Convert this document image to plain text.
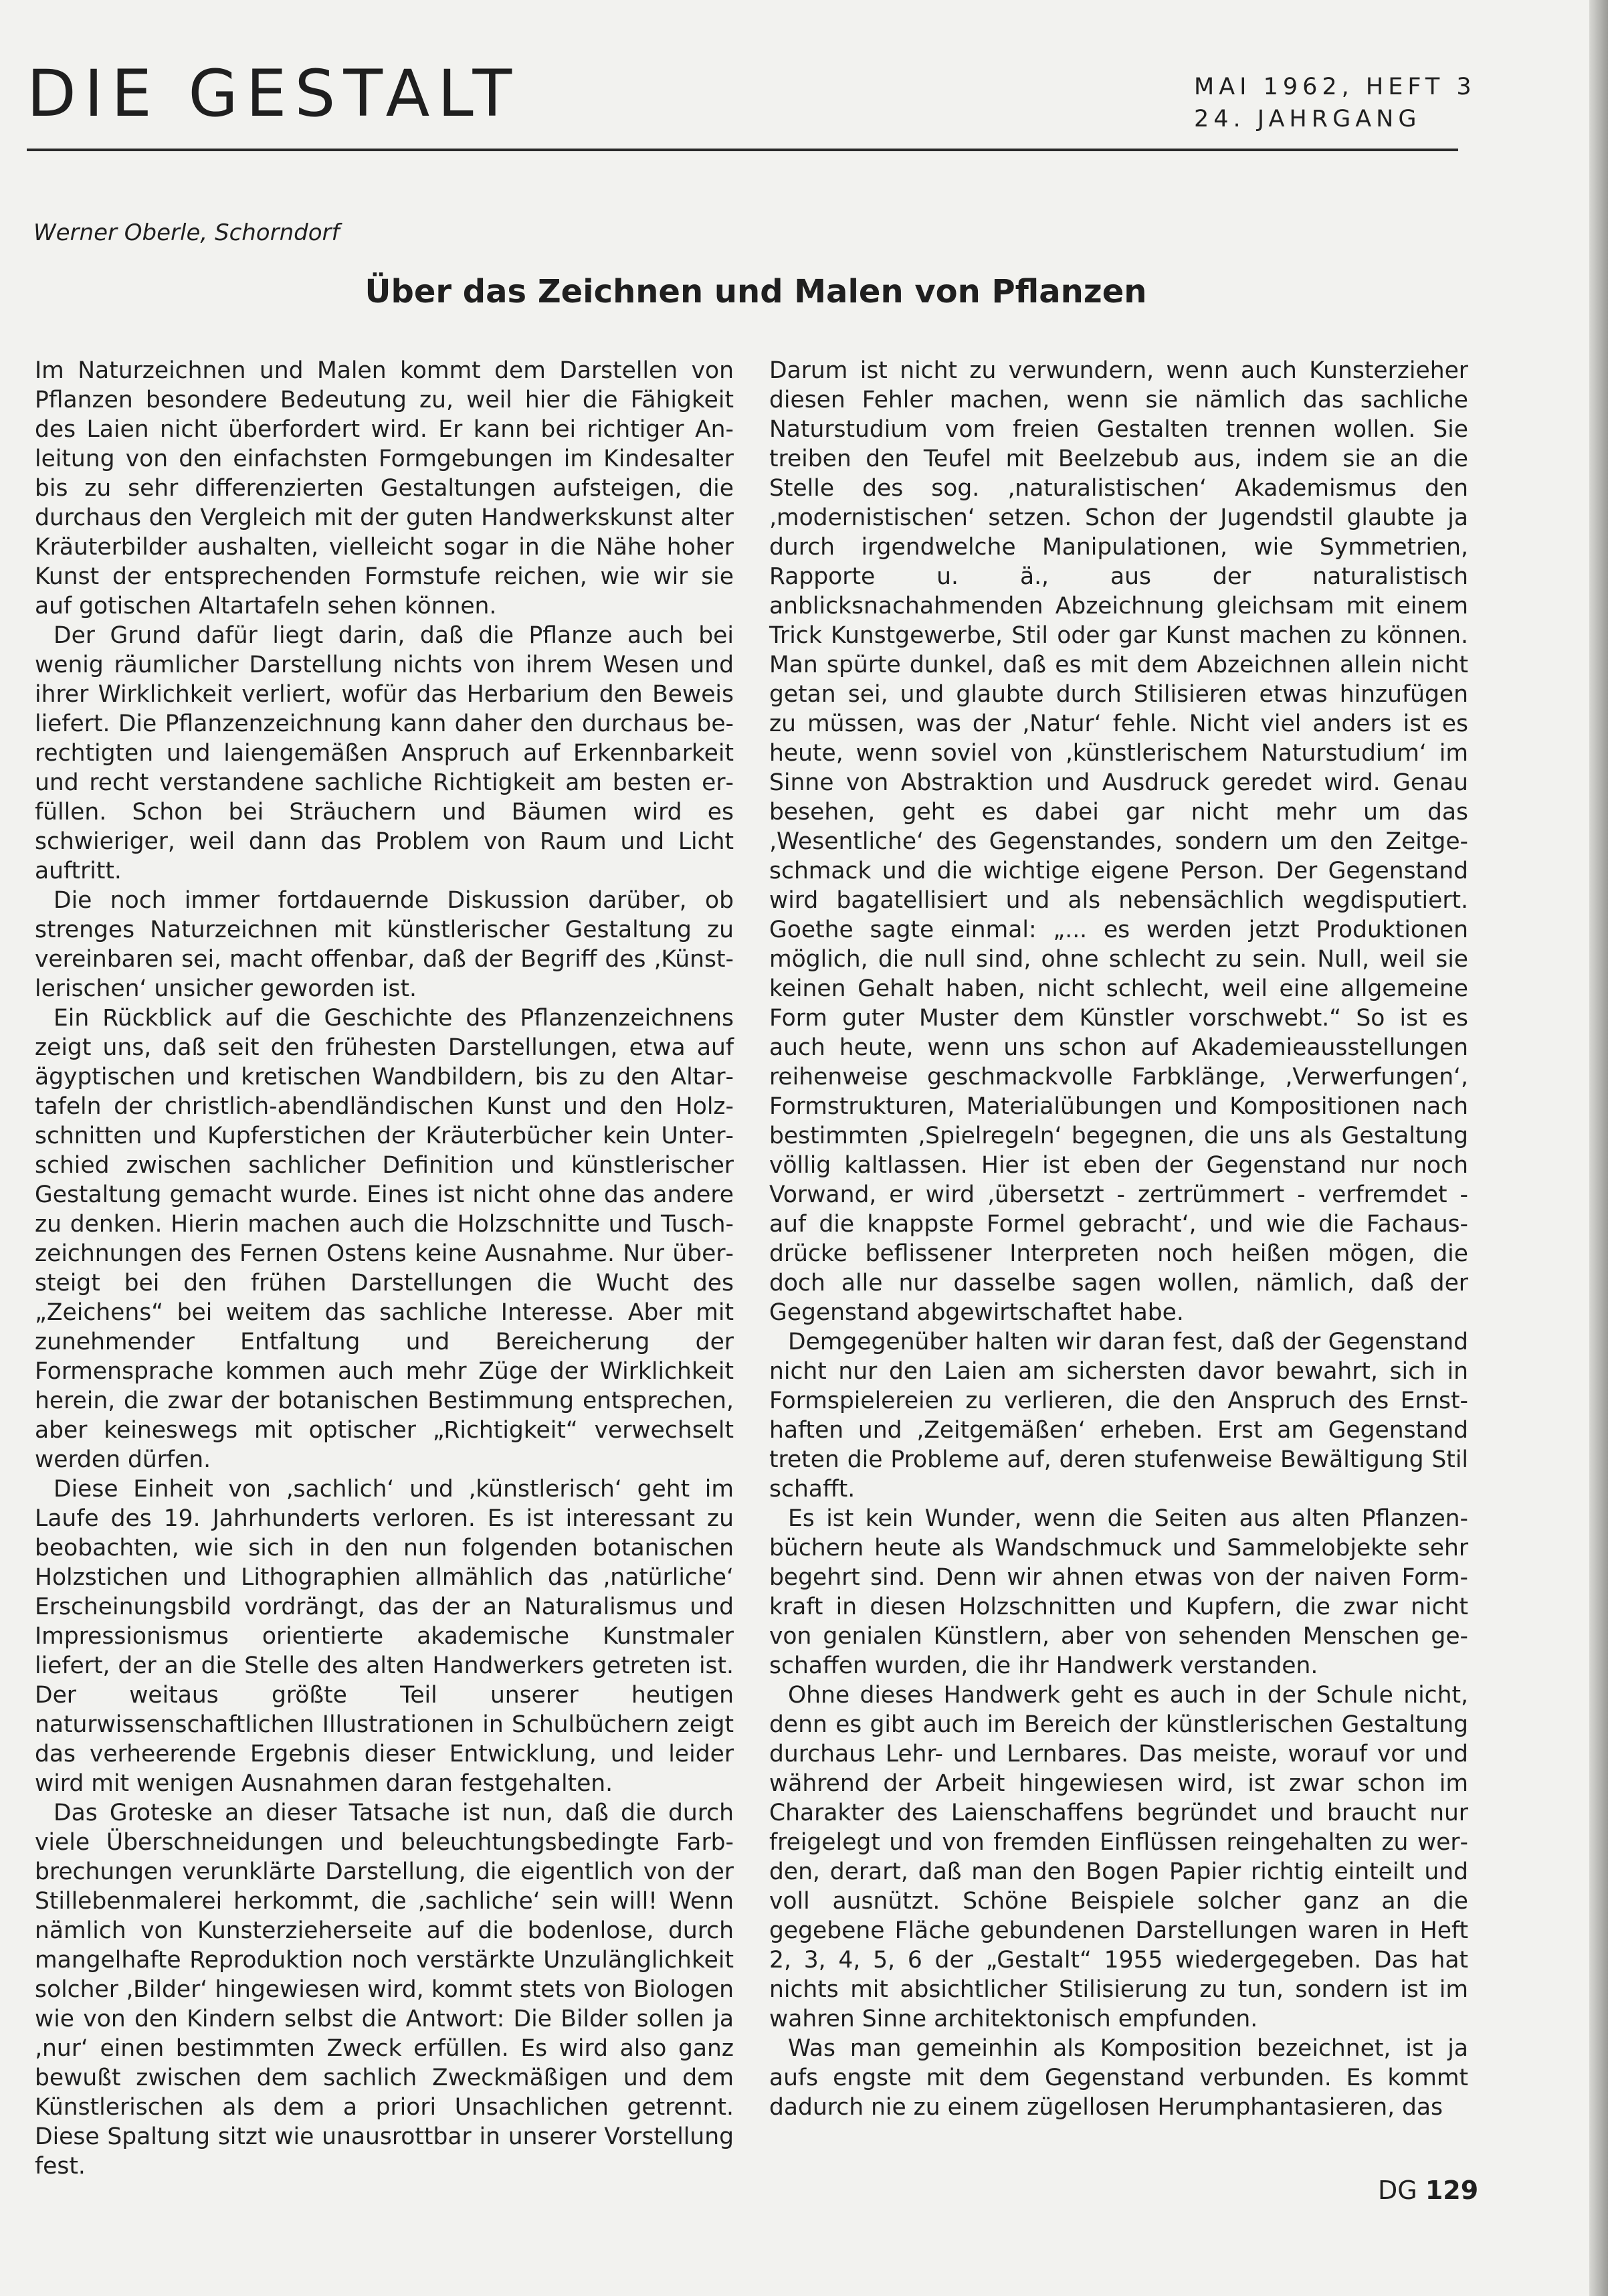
DIE GESTALT	MAI 1962, HEFT 3
24. JAHRGANG

Werner Oberle, Schorndorf

Über das Zeichnen und Malen von Pflanzen

Im Naturzeichnen und Malen kommt dem Darstellen von Pflanzen besondere Bedeutung zu, weil hier die Fähigkeit des Laien nicht überfordert wird. Er kann bei richtiger Anleitung von den einfachsten Formgebungen im Kindesalter bis zu sehr differenzierten Gestaltungen aufsteigen, die durchaus den Vergleich mit der guten Handwerkskunst alter Kräuterbilder aushalten, vielleicht sogar in die Nähe hoher Kunst der entsprechenden Formstufe reichen, wie wir sie auf gotischen Altartafeln sehen können.

Der Grund dafür liegt darin, daß die Pflanze auch bei wenig räumlicher Darstellung nichts von ihrem Wesen und ihrer Wirklichkeit verliert, wofür das Herbarium den Beweis liefert. Die Pflanzenzeichnung kann daher den durchaus berechtigten und laiengemäßen Anspruch auf Erkennbarkeit und recht verstandene sachliche Richtigkeit am besten erfüllen. Schon bei Sträuchern und Bäumen wird es schwieriger, weil dann das Problem von Raum und Licht auftritt.

Die noch immer fortdauernde Diskussion darüber, ob strenges Naturzeichnen mit künstlerischer Gestaltung zu vereinbaren sei, macht offenbar, daß der Begriff des ‚Künstlerischen‘ unsicher geworden ist.

Ein Rückblick auf die Geschichte des Pflanzenzeichnens zeigt uns, daß seit den frühesten Darstellungen, etwa auf ägyptischen und kretischen Wandbildern, bis zu den Altartafeln der christlich-abendländischen Kunst und den Holzschnitten und Kupferstichen der Kräuterbücher kein Unterschied zwischen sachlicher Definition und künstlerischer Gestaltung gemacht wurde. Eines ist nicht ohne das andere zu denken. Hierin machen auch die Holzschnitte und Tuschzeichnungen des Fernen Ostens keine Ausnahme. Nur übersteigt bei den frühen Darstellungen die Wucht des „Zeichens“ bei weitem das sachliche Interesse. Aber mit zunehmender Entfaltung und Bereicherung der Formensprache kommen auch mehr Züge der Wirklichkeit herein, die zwar der botanischen Bestimmung entsprechen, aber keineswegs mit optischer „Richtigkeit“ verwechselt werden dürfen.

Diese Einheit von ‚sachlich‘ und ‚künstlerisch‘ geht im Laufe des 19. Jahrhunderts verloren. Es ist interessant zu beobachten, wie sich in den nun folgenden botanischen Holzstichen und Lithographien allmählich das ‚natürliche‘ Erscheinungsbild vordrängt, das der an Naturalismus und Impressionismus orientierte akademische Kunstmaler liefert, der an die Stelle des alten Handwerkers getreten ist. Der weitaus größte Teil unserer heutigen naturwissenschaftlichen Illustrationen in Schulbüchern zeigt das verheerende Ergebnis dieser Entwicklung, und leider wird mit wenigen Ausnahmen daran festgehalten.

Das Groteske an dieser Tatsache ist nun, daß die durch viele Überschneidungen und beleuchtungsbedingte Farbbrechungen verunklärte Darstellung, die eigentlich von der Stillebenmalerei herkommt, die ‚sachliche‘ sein will! Wenn nämlich von Kunsterzieherseite auf die bodenlose, durch mangelhafte Reproduktion noch verstärkte Unzulänglichkeit solcher ‚Bilder‘ hingewiesen wird, kommt stets von Biologen wie von den Kindern selbst die Antwort: Die Bilder sollen ja ‚nur‘ einen bestimmten Zweck erfüllen. Es wird also ganz bewußt zwischen dem sachlich Zweckmäßigen und dem Künstlerischen als dem a priori Unsachlichen getrennt. Diese Spaltung sitzt wie unausrottbar in unserer Vorstellung fest.

Darum ist nicht zu verwundern, wenn auch Kunsterzieher diesen Fehler machen, wenn sie nämlich das sachliche Naturstudium vom freien Gestalten trennen wollen. Sie treiben den Teufel mit Beelzebub aus, indem sie an die Stelle des sog. ‚naturalistischen‘ Akademismus den ‚modernistischen‘ setzen. Schon der Jugendstil glaubte ja durch irgendwelche Manipulationen, wie Symmetrien, Rapporte u. ä., aus der naturalistisch anblicksnachahmenden Abzeichnung gleichsam mit einem Trick Kunstgewerbe, Stil oder gar Kunst machen zu können. Man spürte dunkel, daß es mit dem Abzeichnen allein nicht getan sei, und glaubte durch Stilisieren etwas hinzufügen zu müssen, was der ‚Natur‘ fehle. Nicht viel anders ist es heute, wenn soviel von ‚künstlerischem Naturstudium‘ im Sinne von Abstraktion und Ausdruck geredet wird. Genau besehen, geht es dabei gar nicht mehr um das ‚Wesentliche‘ des Gegenstandes, sondern um den Zeitgeschmack und die wichtige eigene Person. Der Gegenstand wird bagatellisiert und als nebensächlich wegdisputiert. Goethe sagte einmal: „... es werden jetzt Produktionen möglich, die null sind, ohne schlecht zu sein. Null, weil sie keinen Gehalt haben, nicht schlecht, weil eine allgemeine Form guter Muster dem Künstler vorschwebt.“ So ist es auch heute, wenn uns schon auf Akademieausstellungen reihenweise geschmackvolle Farbklänge, ‚Verwerfungen‘, Formstrukturen, Materialübungen und Kompositionen nach bestimmten ‚Spielregeln‘ begegnen, die uns als Gestaltung völlig kaltlassen. Hier ist eben der Gegenstand nur noch Vorwand, er wird ‚übersetzt - zertrümmert - verfremdet - auf die knappste Formel gebracht‘, und wie die Fachausdrücke beflissener Interpreten noch heißen mögen, die doch alle nur dasselbe sagen wollen, nämlich, daß der Gegenstand abgewirtschaftet habe.

Demgegenüber halten wir daran fest, daß der Gegenstand nicht nur den Laien am sichersten davor bewahrt, sich in Formspielereien zu verlieren, die den Anspruch des Ernsthaften und ‚Zeitgemäßen‘ erheben. Erst am Gegenstand treten die Probleme auf, deren stufenweise Bewältigung Stil schafft.

Es ist kein Wunder, wenn die Seiten aus alten Pflanzenbüchern heute als Wandschmuck und Sammelobjekte sehr begehrt sind. Denn wir ahnen etwas von der naiven Formkraft in diesen Holzschnitten und Kupfern, die zwar nicht von genialen Künstlern, aber von sehenden Menschen geschaffen wurden, die ihr Handwerk verstanden.

Ohne dieses Handwerk geht es auch in der Schule nicht, denn es gibt auch im Bereich der künstlerischen Gestaltung durchaus Lehr- und Lernbares. Das meiste, worauf vor und während der Arbeit hingewiesen wird, ist zwar schon im Charakter des Laienschaffens begründet und braucht nur freigelegt und von fremden Einflüssen reingehalten zu werden, derart, daß man den Bogen Papier richtig einteilt und voll ausnützt. Schöne Beispiele solcher ganz an die gegebene Fläche gebundenen Darstellungen waren in Heft 2, 3, 4, 5, 6 der „Gestalt“ 1955 wiedergegeben. Das hat nichts mit absichtlicher Stilisierung zu tun, sondern ist im wahren Sinne architektonisch empfunden.

Was man gemeinhin als Komposition bezeichnet, ist ja aufs engste mit dem Gegenstand verbunden. Es kommt dadurch nie zu einem zügellosen Herumphantasieren, das

DG 129
